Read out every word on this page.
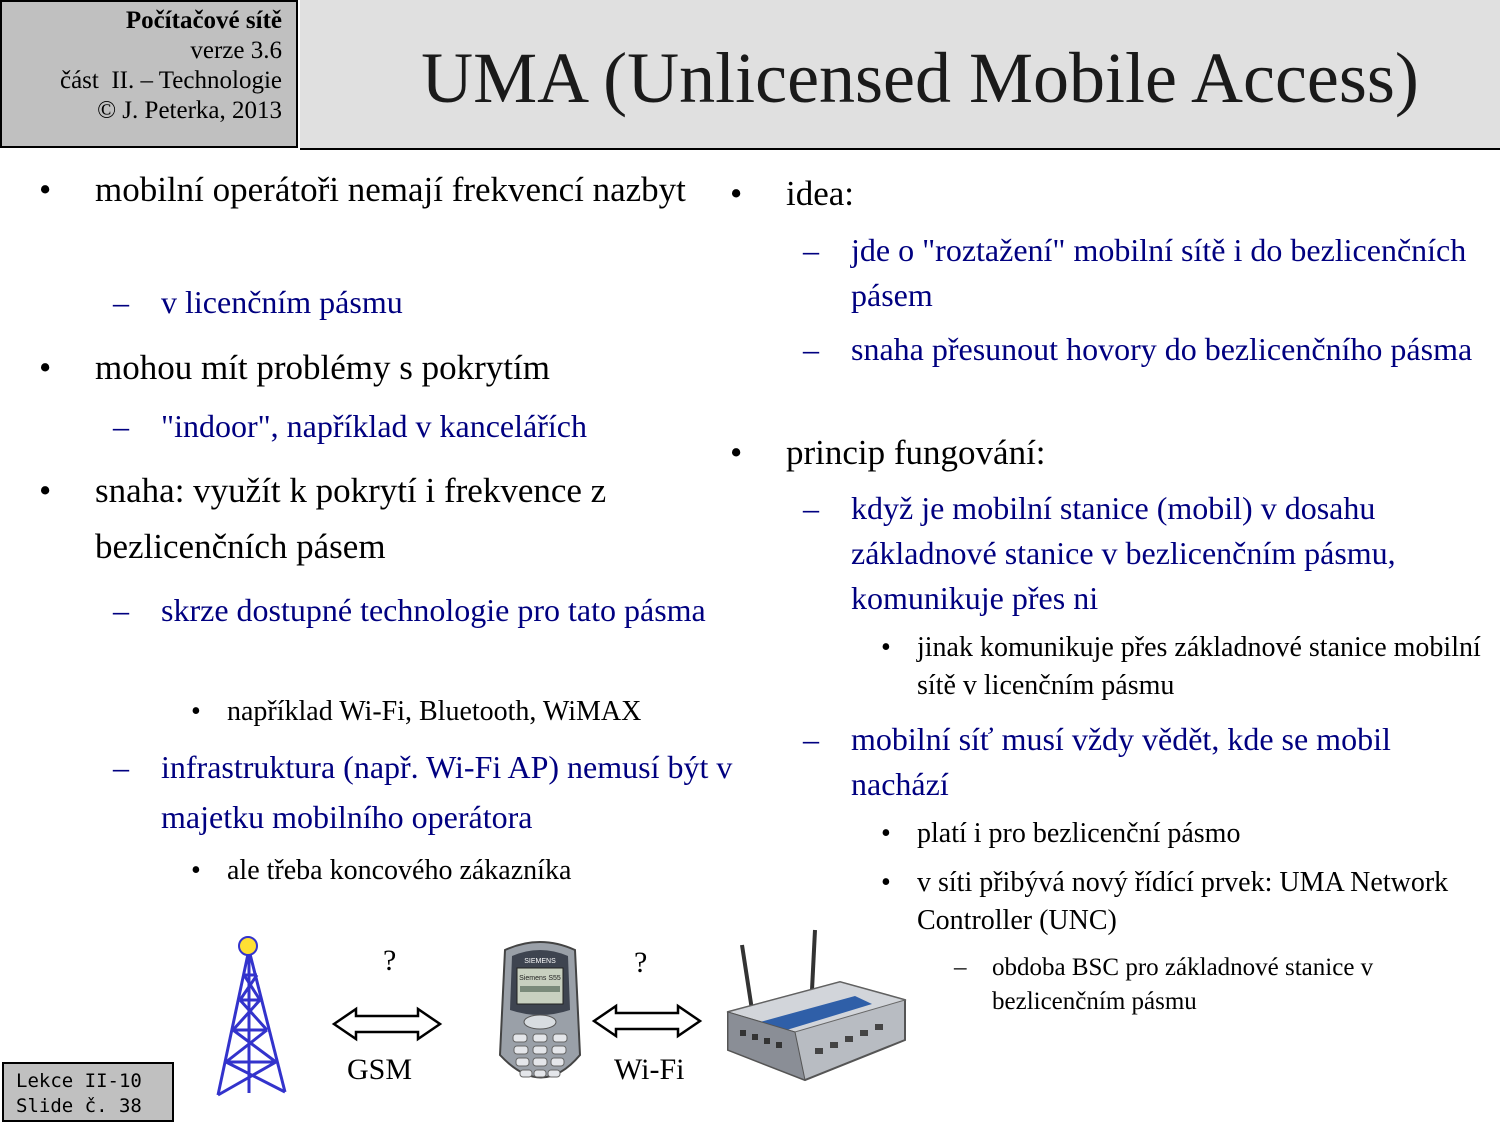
Počítačové sítě
verze 3.6
část  II. – Technologie
© J. Peterka, 2013	UMA (Unlicensed Mobile Access)
• mobilní operátoři nemají frekvencí nazbyt
– v licenčním pásmu
• mohou mít problémy s pokrytím
– "indoor", například v kancelářích
• snaha: využít k pokrytí i frekvence z bezlicenčních pásem
– skrze dostupné technologie pro tato pásma
• například Wi-Fi, Bluetooth, WiMAX
– infrastruktura (např. Wi-Fi AP) nemusí být v majetku mobilního operátora
• ale třeba koncového zákazníka
• idea:
– jde o "roztažení" mobilní sítě i do bezlicenčních pásem
– snaha přesunout hovory do bezlicenčního pásma
• princip fungování:
– když je mobilní stanice (mobil) v dosahu základnové stanice v bezlicenčním pásmu, komunikuje přes ni
• jinak komunikuje přes základnové stanice mobilní sítě v licenčním pásmu
– mobilní síť musí vždy vědět, kde se mobil nachází
• platí i pro bezlicenční pásmo
• v síti přibývá nový řídící prvek: UMA Network Controller (UNC)
– obdoba BSC pro základnové stanice v bezlicenčním pásmu
SIEMENS
Siemens S55
?	?
GSM	Wi-Fi
Lekce II-10
Slide č. 38
